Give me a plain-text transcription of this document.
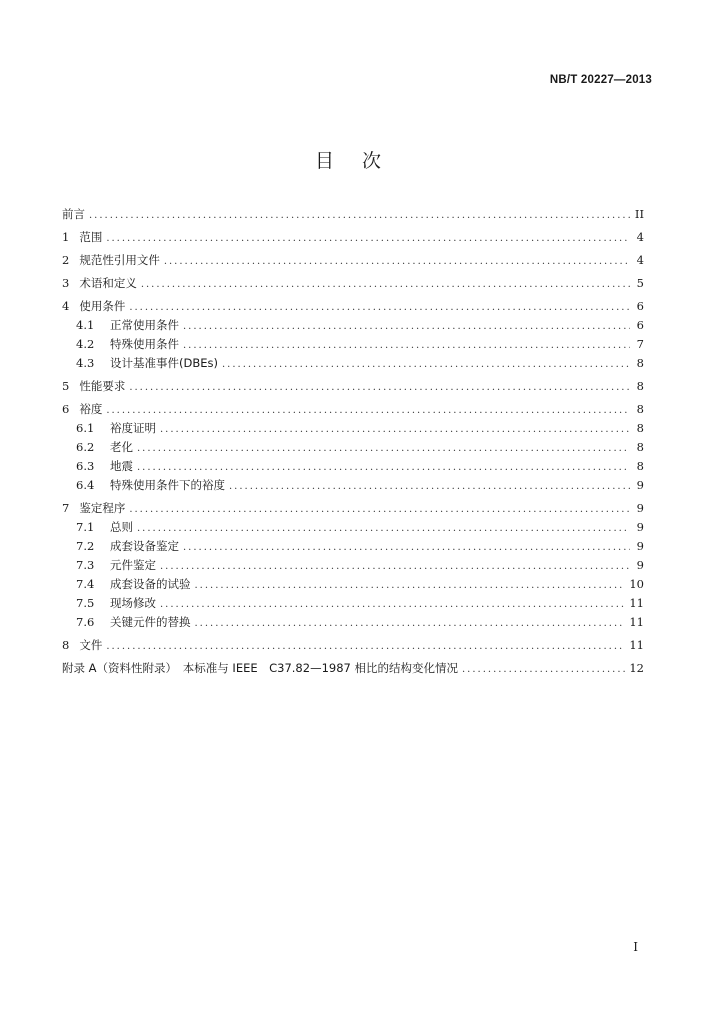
NB/T 20227—2013
目次
前言 .....	II
1 范围 .....	4
2 规范性引用文件 .....	4
3 术语和定义 .....	5
4 使用条件 .....	6
4.1	正常使用条件 .....	6
4.2	特殊使用条件 .....	7
4.3	设计基准事件(DBEs) .....	8
5 性能要求 .....	8
6 裕度 .....	8
6.1	裕度证明 .....	8
6.2	老化 .....	8
6.3	地震 .....	8
6.4	特殊使用条件下的裕度 .....	9
7 鉴定程序 .....	9
7.1	总则 .....	9
7.2	成套设备鉴定 .....	9
7.3	元件鉴定 .....	9
7.4	成套设备的试验 .....	10
7.5	现场修改 .....	11
7.6	关键元件的替换 .....	11
8 文件 .....	11
附录 A（资料性附录）　本标准与 IEEE　C37.82—1987 相比的结构变化情况 .....	12
I
